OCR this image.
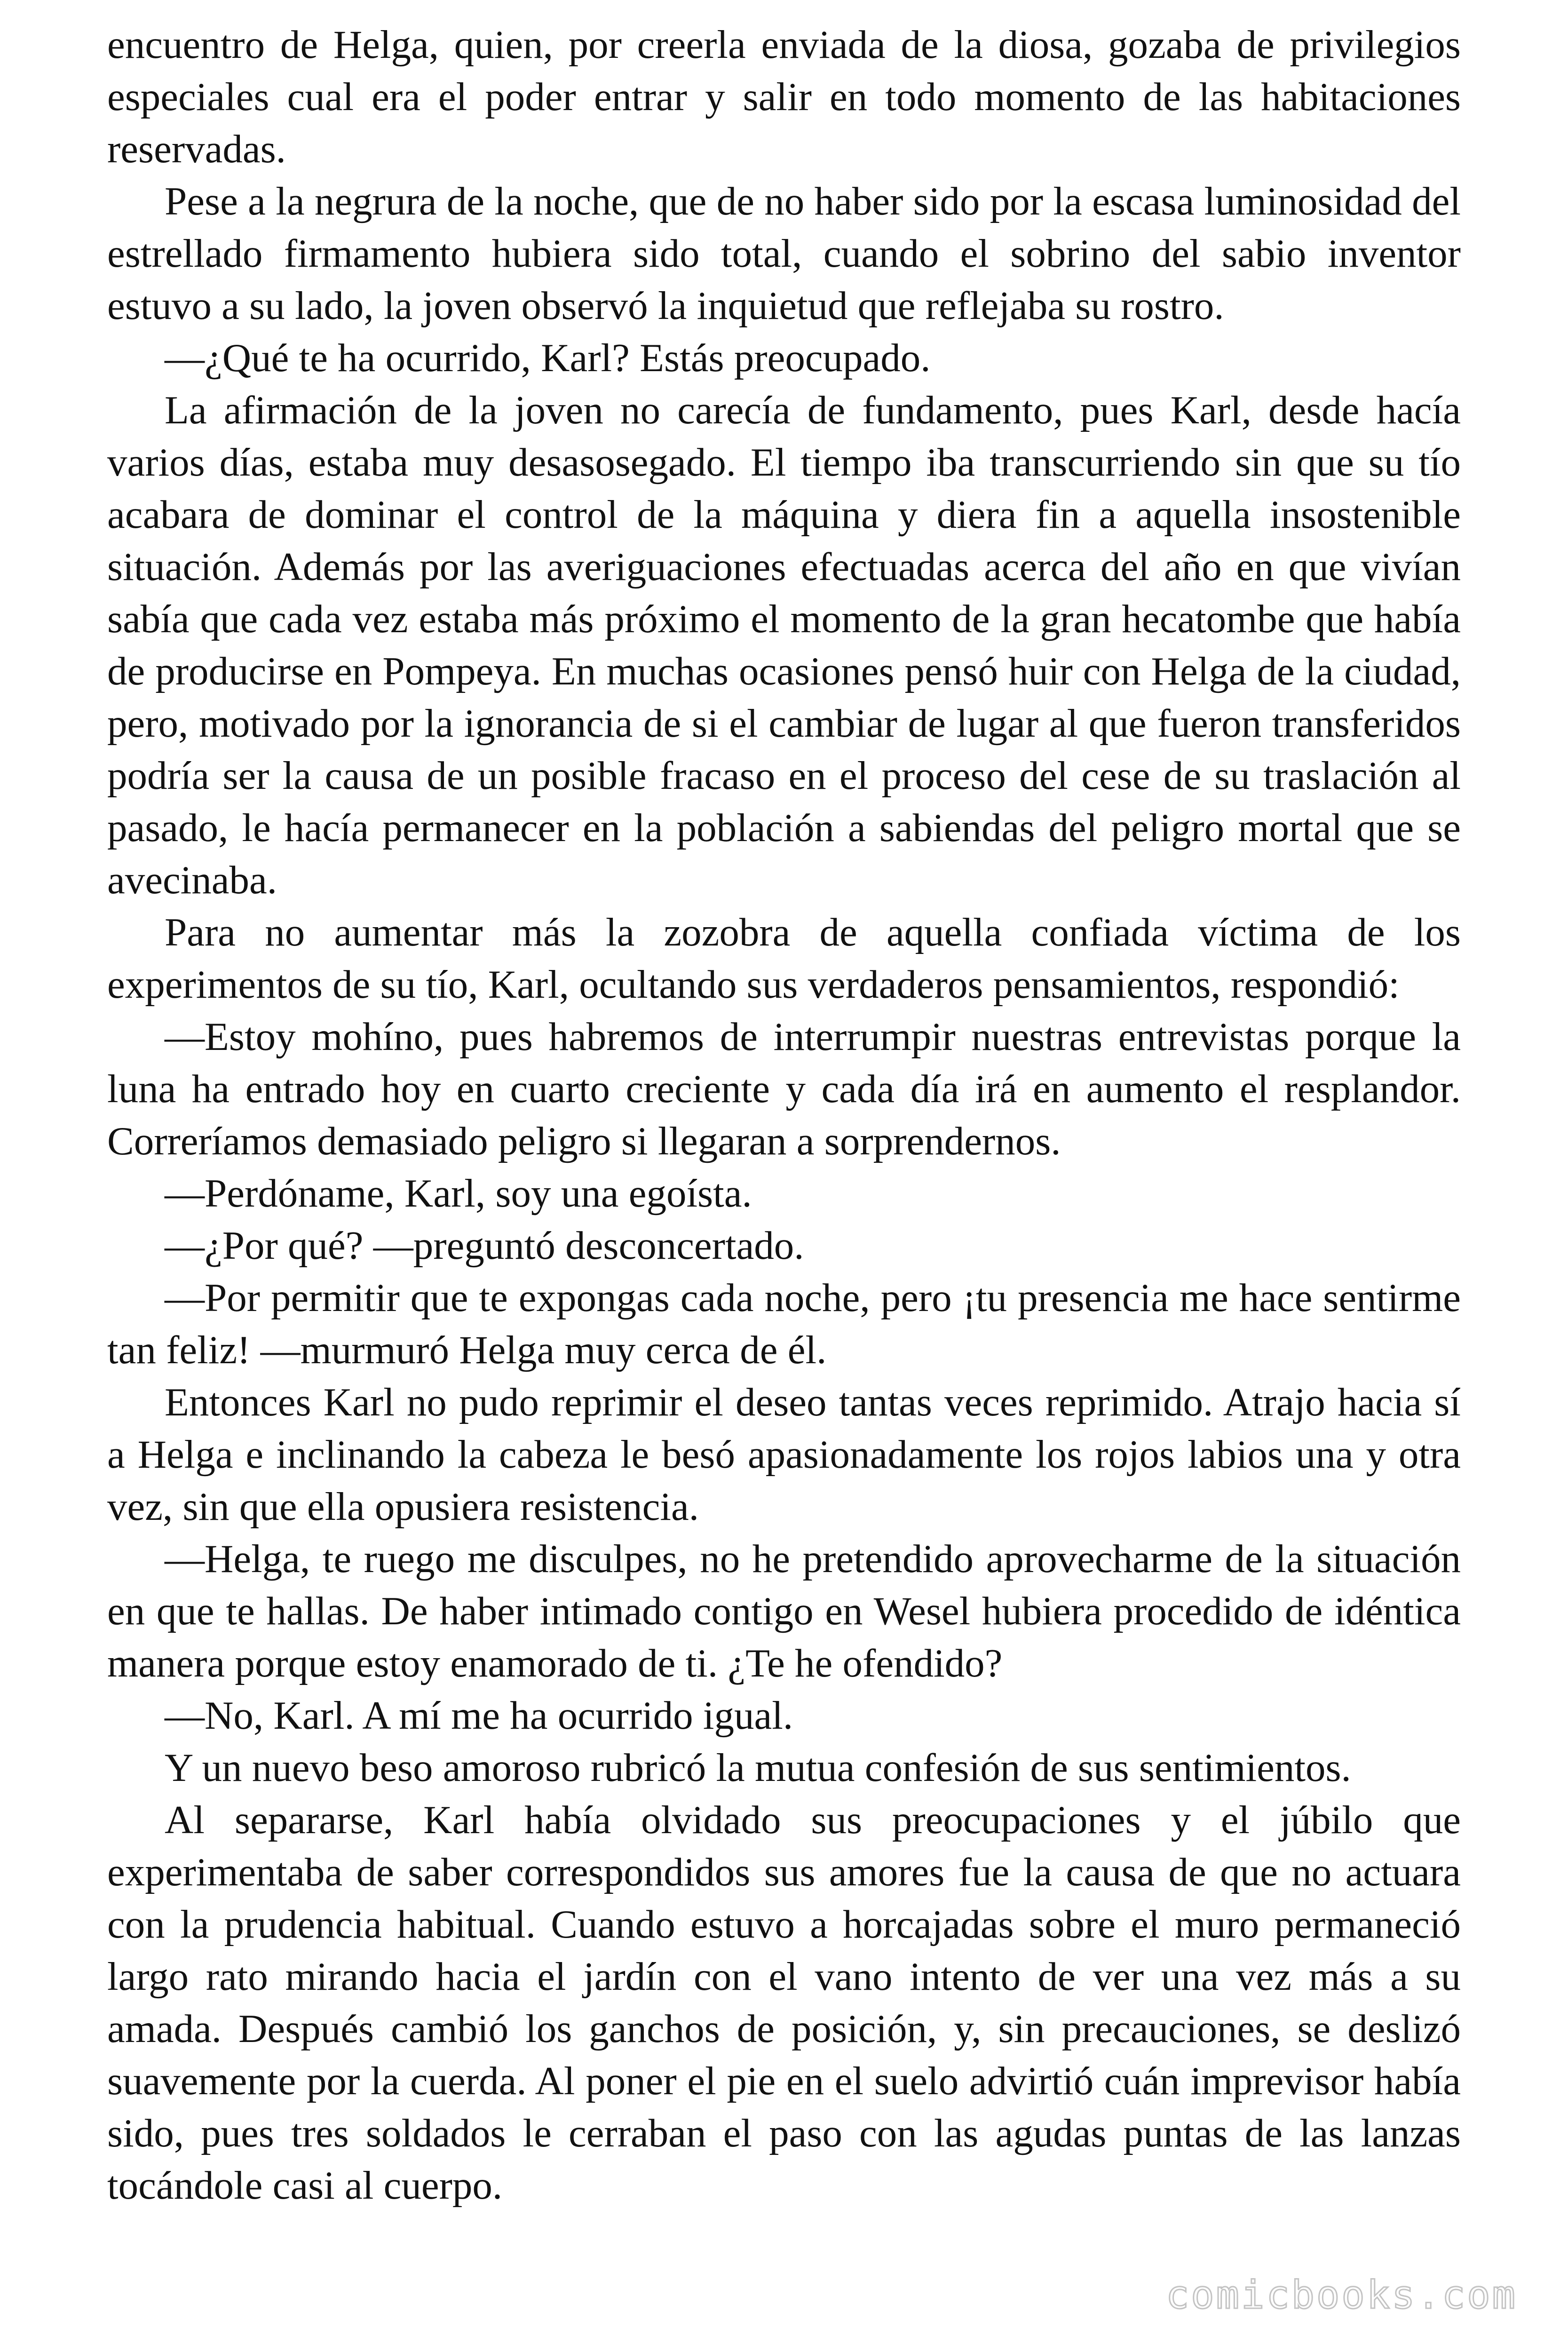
encuentro de Helga, quien, por creerla enviada de la diosa, gozaba de privilegios especiales cual era el poder entrar y salir en todo momento de las habitaciones reservadas.

Pese a la negrura de la noche, que de no haber sido por la escasa luminosidad del estrellado firmamento hubiera sido total, cuando el sobrino del sabio inventor estuvo a su lado, la joven observó la inquietud que reflejaba su rostro.

—¿Qué te ha ocurrido, Karl? Estás preocupado.

La afirmación de la joven no carecía de fundamento, pues Karl, desde hacía varios días, estaba muy desasosegado. El tiempo iba transcurriendo sin que su tío acabara de dominar el control de la máquina y diera fin a aquella insostenible situación. Además por las averiguaciones efectuadas acerca del año en que vivían sabía que cada vez estaba más próximo el momento de la gran hecatombe que había de producirse en Pompeya. En muchas ocasiones pensó huir con Helga de la ciudad, pero, motivado por la ignorancia de si el cambiar de lugar al que fueron transferidos podría ser la causa de un posible fracaso en el proceso del cese de su traslación al pasado, le hacía permanecer en la población a sabiendas del peligro mortal que se avecinaba.

Para no aumentar más la zozobra de aquella confiada víctima de los experimentos de su tío, Karl, ocultando sus verdaderos pensamientos, respondió:

—Estoy mohíno, pues habremos de interrumpir nuestras entrevistas porque la luna ha entrado hoy en cuarto creciente y cada día irá en aumento el resplandor. Correríamos demasiado peligro si llegaran a sorprendernos.

—Perdóname, Karl, soy una egoísta.

—¿Por qué? —preguntó desconcertado.

—Por permitir que te expongas cada noche, pero ¡tu presencia me hace sentirme tan feliz! —murmuró Helga muy cerca de él.

Entonces Karl no pudo reprimir el deseo tantas veces reprimido. Atrajo hacia sí a Helga e inclinando la cabeza le besó apasionadamente los rojos labios una y otra vez, sin que ella opusiera resistencia.

—Helga, te ruego me disculpes, no he pretendido aprovecharme de la situación en que te hallas. De haber intimado contigo en Wesel hubiera procedido de idéntica manera porque estoy enamorado de ti. ¿Te he ofendido?

—No, Karl. A mí me ha ocurrido igual.

Y un nuevo beso amoroso rubricó la mutua confesión de sus sentimientos.

Al separarse, Karl había olvidado sus preocupaciones y el júbilo que experimentaba de saber correspondidos sus amores fue la causa de que no actuara con la prudencia habitual. Cuando estuvo a horcajadas sobre el muro permaneció largo rato mirando hacia el jardín con el vano intento de ver una vez más a su amada. Después cambió los ganchos de posición, y, sin precauciones, se deslizó suavemente por la cuerda. Al poner el pie en el suelo advirtió cuán imprevisor había sido, pues tres soldados le cerraban el paso con las agudas puntas de las lanzas tocándole casi al cuerpo.

comicbooks.com
